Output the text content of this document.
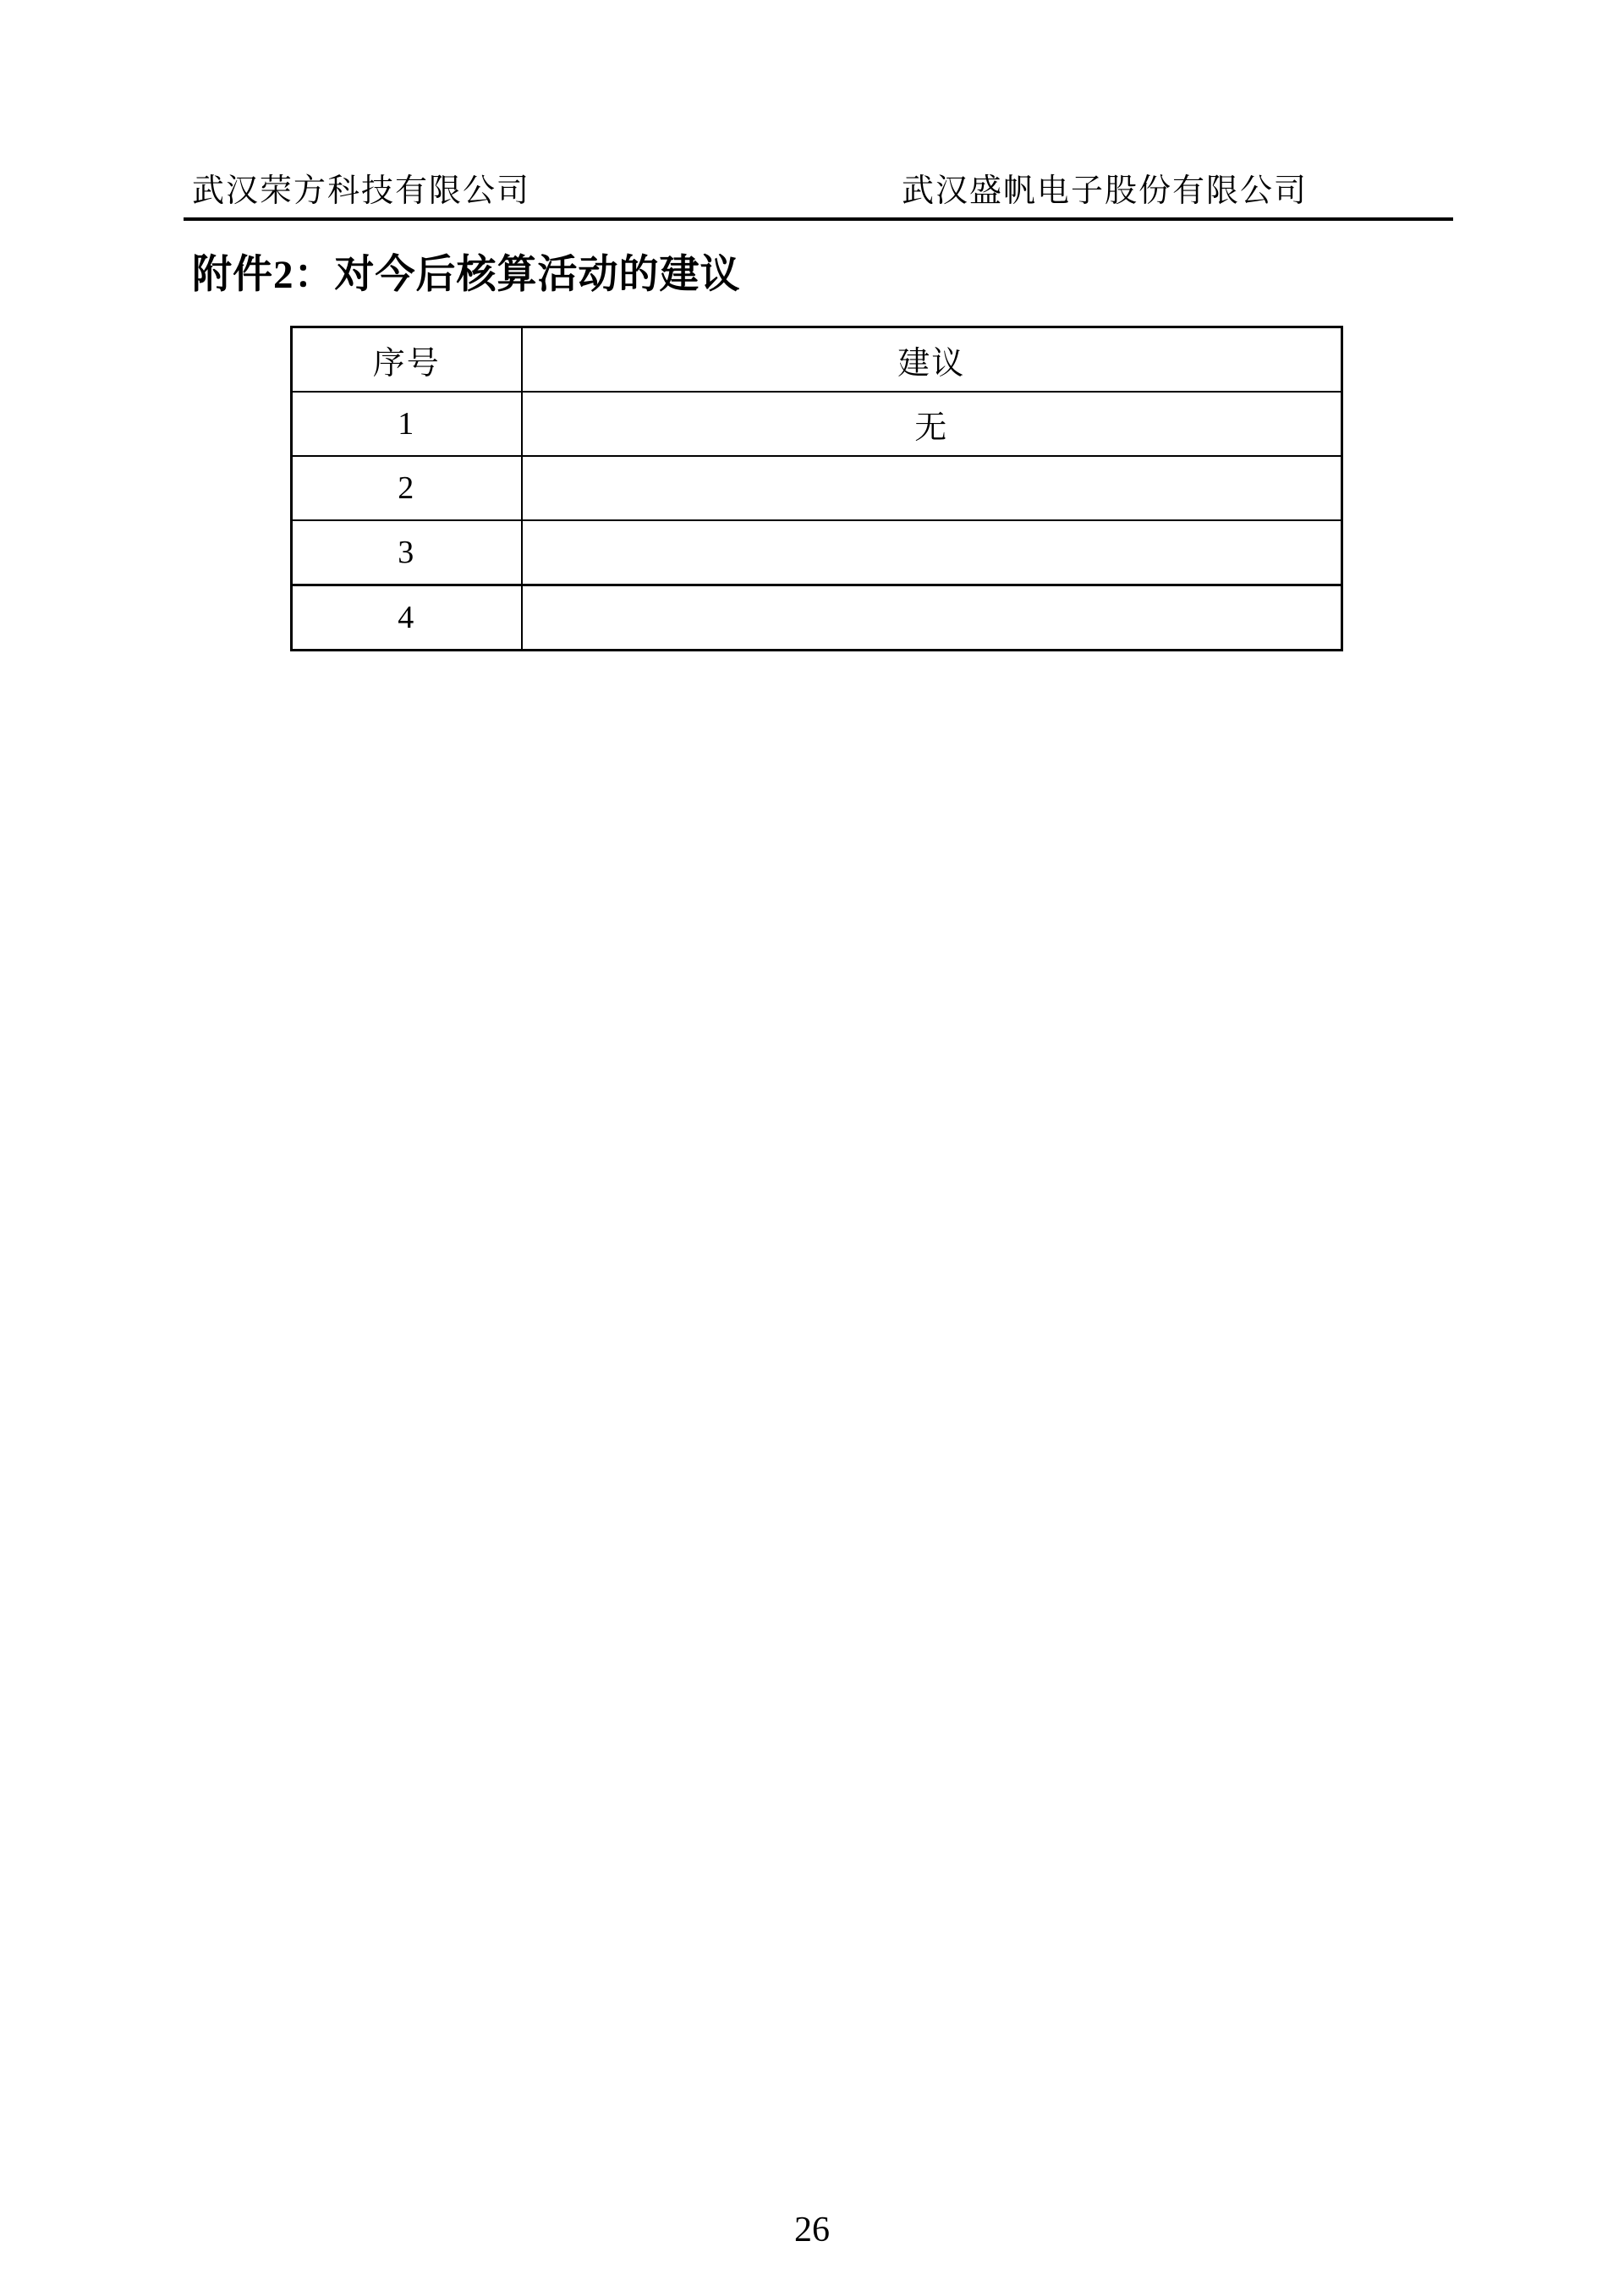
武汉荣方科技有限公司	武汉盛帆电子股份有限公司
附件2：对今后核算活动的建议
序号	建议
1	无
2	
3	
4	
26
